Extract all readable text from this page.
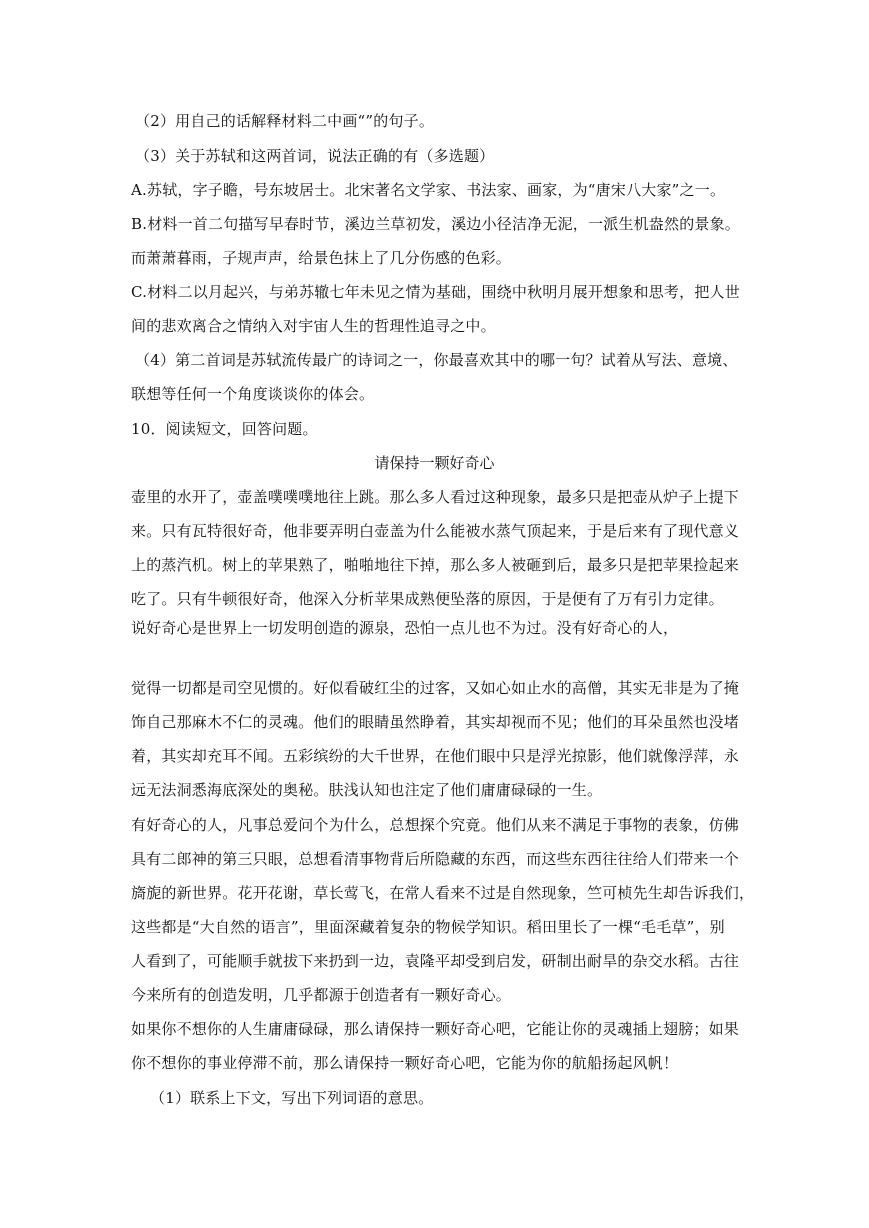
（2）用自己的话解释材料二中画“”的句子。
（3）关于苏轼和这两首词，说法正确的有（多选题）
A.苏轼，字子瞻，号东坡居士。北宋著名文学家、书法家、画家，为“唐宋八大家”之一。
B.材料一首二句描写早春时节，溪边兰草初发，溪边小径洁净无泥，一派生机盎然的景象。
而萧萧暮雨，子规声声，给景色抹上了几分伤感的色彩。
C.材料二以月起兴，与弟苏辙七年未见之情为基础，围绕中秋明月展开想象和思考，把人世
间的悲欢离合之情纳入对宇宙人生的哲理性追寻之中。
（4）第二首词是苏轼流传最广的诗词之一，你最喜欢其中的哪一句？试着从写法、意境、
联想等任何一个角度谈谈你的体会。
10．阅读短文，回答问题。
请保持一颗好奇心
壶里的水开了，壶盖噗噗噗地往上跳。那么多人看过这种现象，最多只是把壶从炉子上提下
来。只有瓦特很好奇，他非要弄明白壶盖为什么能被水蒸气顶起来，于是后来有了现代意义
上的蒸汽机。树上的苹果熟了，啪啪地往下掉，那么多人被砸到后，最多只是把苹果捡起来
吃了。只有牛顿很好奇，他深入分析苹果成熟便坠落的原因，于是便有了万有引力定律。
说好奇心是世界上一切发明创造的源泉，恐怕一点儿也不为过。没有好奇心的人，
觉得一切都是司空见惯的。好似看破红尘的过客，又如心如止水的高僧，其实无非是为了掩
饰自己那麻木不仁的灵魂。他们的眼睛虽然睁着，其实却视而不见；他们的耳朵虽然也没堵
着，其实却充耳不闻。五彩缤纷的大千世界，在他们眼中只是浮光掠影，他们就像浮萍，永
远无法洞悉海底深处的奥秘。肤浅认知也注定了他们庸庸碌碌的一生。
有好奇心的人，凡事总爱问个为什么，总想探个究竟。他们从来不满足于事物的表象，仿佛
具有二郎神的第三只眼，总想看清事物背后所隐藏的东西，而这些东西往往给人们带来一个
旖旎的新世界。花开花谢，草长莺飞，在常人看来不过是自然现象，竺可桢先生却告诉我们，
这些都是“大自然的语言”，里面深藏着复杂的物候学知识。稻田里长了一棵“毛毛草”，别
人看到了，可能顺手就拔下来扔到一边，袁隆平却受到启发，研制出耐旱的杂交水稻。古往
今来所有的创造发明，几乎都源于创造者有一颗好奇心。
如果你不想你的人生庸庸碌碌，那么请保持一颗好奇心吧，它能让你的灵魂插上翅膀；如果
你不想你的事业停滞不前，那么请保持一颗好奇心吧，它能为你的航船扬起风帆！
（1）联系上下文，写出下列词语的意思。
